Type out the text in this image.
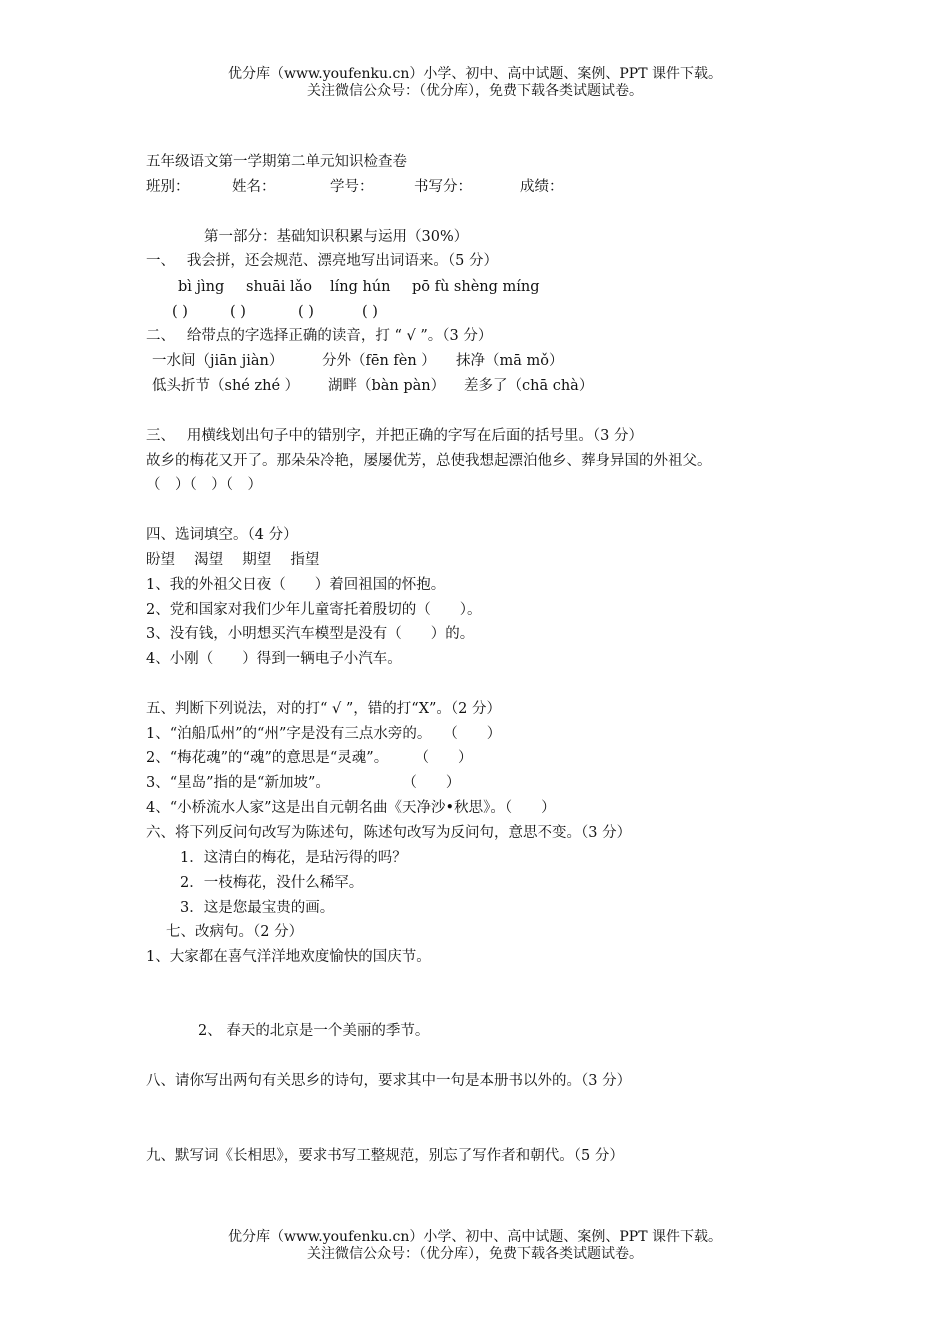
优分库（www.youfenku.cn）小学、初中、高中试题、案例、PPT 课件下载。
关注微信公众号：（优分库），免费下载各类试题试卷。
五年级语文第一学期第二单元知识检查卷
班别：	姓名：	学号：	书写分：	成绩：
第一部分：基础知识积累与运用（30%）
一、　 我会拼，还会规范、漂亮地写出词语来。（5 分）
bì jìng shuāi lǎo líng hún pō fù shèng míng
( )	( )	( )	( )
二、　 给带点的字选择正确的读音，打 “ √ ”。（3 分）
一水间（jiān jiàn）	分外（fēn fèn ） 抹净（mā mǒ）
低头折节（shé zhé ） 湖畔（bàn pàn） 差多了（chā chà）
三、　 用横线划出句子中的错别字，并把正确的字写在后面的括号里。（3 分）
故乡的梅花又开了。那朵朵冷艳，屡屡优芳，总使我想起漂泊他乡、葬身异国的外祖父。
（　）（　）（　）
四、选词填空。（4 分）
盼望　 渴望　 期望　 指望
1、我的外祖父日夜（　　）着回祖国的怀抱。
2、党和国家对我们少年儿童寄托着殷切的（　　）。
3、没有钱，小明想买汽车模型是没有（　　）的。
4、小刚（　　）得到一辆电子小汽车。
五、判断下列说法，对的打“ √ ”，错的打“X”。（2 分）
1、“泊船瓜州”的“州”字是没有三点水旁的。　 （　　）
2、“梅花魂”的“魂”的意思是“灵魂”。　　 （　　）
3、“星岛”指的是“新加坡”。　　　　　　（　　）
4、“小桥流水人家”这是出自元朝名曲《天净沙•秋思》。（　　）
六、将下列反问句改写为陈述句，陈述句改写为反问句，意思不变。（3 分）
1．这清白的梅花，是玷污得的吗？
2．一枝梅花，没什么稀罕。
3．这是您最宝贵的画。
七、改病句。（2 分）
1、大家都在喜气洋洋地欢度愉快的国庆节。
2、 春天的北京是一个美丽的季节。
八、请你写出两句有关思乡的诗句，要求其中一句是本册书以外的。（3 分）
九、默写词《长相思》，要求书写工整规范，别忘了写作者和朝代。（5 分）
优分库（www.youfenku.cn）小学、初中、高中试题、案例、PPT 课件下载。
关注微信公众号：（优分库），免费下载各类试题试卷。
